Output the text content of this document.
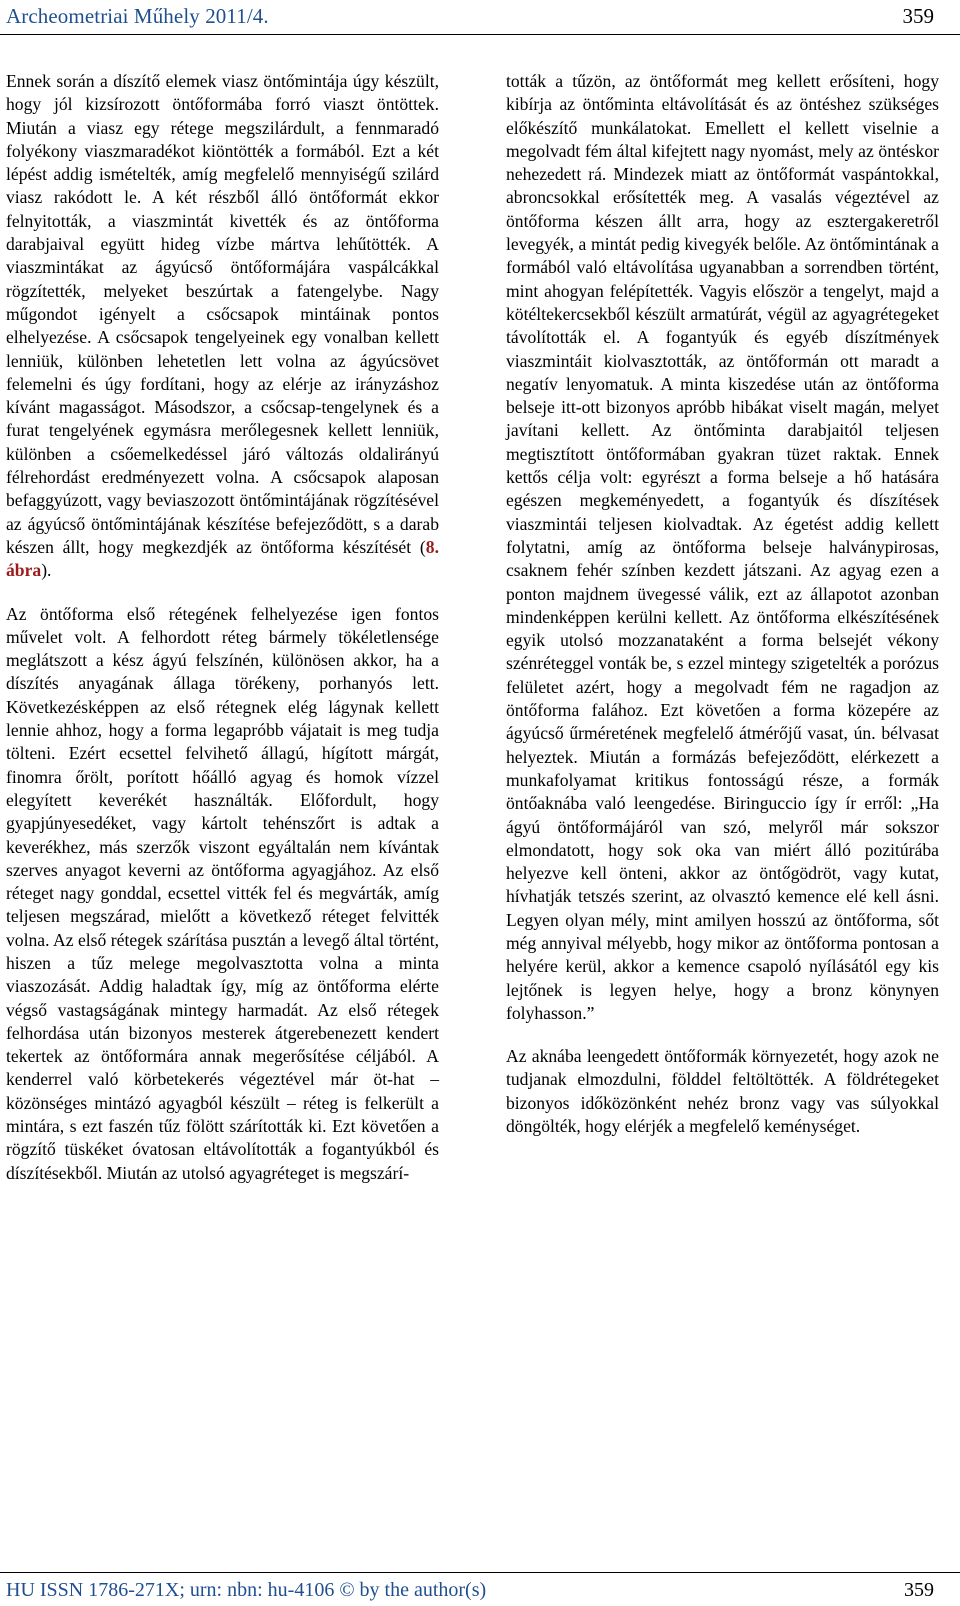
Archeometriai Műhely 2011/4.	359

Ennek során a díszítő elemek viasz öntőmintája úgy készült, hogy jól kizsírozott öntőformába forró viaszt öntöttek. Miután a viasz egy rétege megszilárdult, a fennmaradó folyékony viaszmaradékot kiöntötték a formából. Ezt a két lépést addig ismételték, amíg megfelelő mennyiségű szilárd viasz rakódott le. A két részből álló öntőformát ekkor felnyitották, a viaszmintát kivették és az öntőforma darabjaival együtt hideg vízbe mártva lehűtötték. A viaszmintákat az ágyúcső öntőformájára vaspálcákkal rögzítették, melyeket beszúrtak a fatengelybe. Nagy műgondot igényelt a csőcsapok mintáinak pontos elhelyezése. A csőcsapok tengelyeinek egy vonalban kellett lenniük, különben lehetetlen lett volna az ágyúcsövet felemelni és úgy fordítani, hogy az elérje az irányzáshoz kívánt magasságot. Másodszor, a csőcsap-tengelynek és a furat tengelyének egymásra merőlegesnek kellett lenniük, különben a csőemelkedéssel járó változás oldalirányú félrehordást eredményezett volna. A csőcsapok alaposan befaggyúzott, vagy beviaszozott öntőmintájának rögzítésével az ágyúcső öntőmintájának készítése befejeződött, s a darab készen állt, hogy megkezdjék az öntőforma készítését (8. ábra).

Az öntőforma első rétegének felhelyezése igen fontos művelet volt. A felhordott réteg bármely tökéletlensége meglátszott a kész ágyú felszínén, különösen akkor, ha a díszítés anyagának állaga törékeny, porhanyós lett. Következésképpen az első rétegnek elég lágynak kellett lennie ahhoz, hogy a forma legapróbb vájatait is meg tudja tölteni. Ezért ecsettel felvihető állagú, hígított márgát, finomra őrölt, porított hőálló agyag és homok vízzel elegyített keverékét használták. Előfordult, hogy gyapjúnyesedéket, vagy kártolt tehénszőrt is adtak a keverékhez, más szerzők viszont egyáltalán nem kívántak szerves anyagot keverni az öntőforma agyagjához. Az első réteget nagy gonddal, ecsettel vitték fel és megvárták, amíg teljesen megszárad, mielőtt a következő réteget felvitték volna. Az első rétegek szárítása pusztán a levegő által történt, hiszen a tűz melege megolvasztotta volna a minta viaszozását. Addig haladtak így, míg az öntőforma elérte végső vastagságának mintegy harmadát. Az első rétegek felhordása után bizonyos mesterek átgerebenezett kendert tekertek az öntőformára annak megerősítése céljából. A kenderrel való körbetekerés végeztével már öt-hat – közönséges mintázó agyagból készült – réteg is felkerült a mintára, s ezt faszén tűz fölött szárították ki. Ezt követően a rögzítő tüskéket óvatosan eltávolították a fogantyúkból és díszítésekből. Miután az utolsó agyagréteget is megszárí-

tották a tűzön, az öntőformát meg kellett erősíteni, hogy kibírja az öntőminta eltávolítását és az öntéshez szükséges előkészítő munkálatokat. Emellett el kellett viselnie a megolvadt fém által kifejtett nagy nyomást, mely az öntéskor nehezedett rá. Mindezek miatt az öntőformát vaspántokkal, abroncsokkal erősítették meg. A vasalás végeztével az öntőforma készen állt arra, hogy az esztergakeretről levegyék, a mintát pedig kivegyék belőle. Az öntőmintának a formából való eltávolítása ugyanabban a sorrendben történt, mint ahogyan felépítették. Vagyis először a tengelyt, majd a kötéltekercsekből készült armatúrát, végül az agyagrétegeket távolították el. A fogantyúk és egyéb díszítmények viaszmintáit kiolvasztották, az öntőformán ott maradt a negatív lenyomatuk. A minta kiszedése után az öntőforma belseje itt-ott bizonyos apróbb hibákat viselt magán, melyet javítani kellett. Az öntőminta darabjaitól teljesen megtisztított öntőformában gyakran tüzet raktak. Ennek kettős célja volt: egyrészt a forma belseje a hő hatására egészen megkeményedett, a fogantyúk és díszítések viaszmintái teljesen kiolvadtak. Az égetést addig kellett folytatni, amíg az öntőforma belseje halványpirosas, csaknem fehér színben kezdett játszani. Az agyag ezen a ponton majdnem üvegessé válik, ezt az állapotot azonban mindenképpen kerülni kellett. Az öntőforma elkészítésének egyik utolsó mozzanataként a forma belsejét vékony szénréteggel vonták be, s ezzel mintegy szigetelték a porózus felületet azért, hogy a megolvadt fém ne ragadjon az öntőforma falához. Ezt követően a forma közepére az ágyúcső űrméretének megfelelő átmérőjű vasat, ún. bélvasat helyeztek. Miután a formázás befejeződött, elérkezett a munkafolyamat kritikus fontosságú része, a formák öntőaknába való leengedése. Biringuccio így ír erről: „Ha ágyú öntőformájáról van szó, melyről már sokszor elmondatott, hogy sok oka van miért álló pozitúrába helyezve kell önteni, akkor az öntőgödröt, vagy kutat, hívhatják tetszés szerint, az olvasztó kemence elé kell ásni. Legyen olyan mély, mint amilyen hosszú az öntőforma, sőt még annyival mélyebb, hogy mikor az öntőforma pontosan a helyére kerül, akkor a kemence csapoló nyílásától egy kis lejtőnek is legyen helye, hogy a bronz könynyen folyhasson.”

Az aknába leengedett öntőformák környezetét, hogy azok ne tudjanak elmozdulni, földdel feltöltötték. A földrétegeket bizonyos időközönként nehéz bronz vagy vas súlyokkal döngölték, hogy elérjék a megfelelő keménységet.

HU ISSN 1786-271X; urn: nbn: hu-4106 © by the author(s)	359
